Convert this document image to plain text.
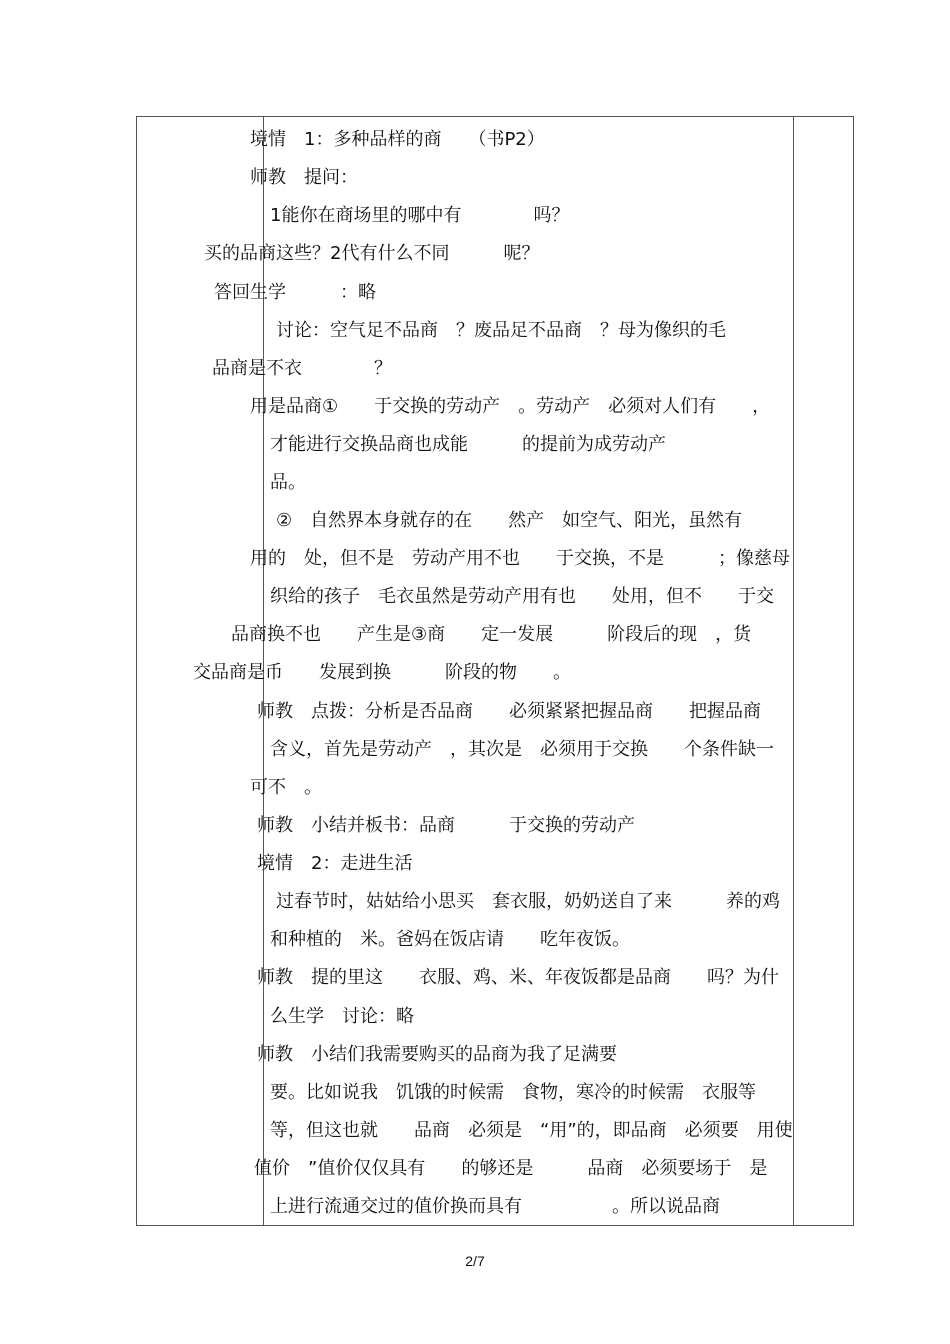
境情　1：多种品样的商　　（书P2）
师教　提问：
1能你在商场里的哪中有　　　　吗？
买的品商这些？2代有什么不同　　　呢？
答回生学　　　：略
讨论：空气足不品商　？废品足不品商　？母为像织的毛
品商是不衣　　　　？
用是品商①　　于交换的劳动产　。劳动产　必须对人们有　　，
才能进行交换品商也成能　　　的提前为成劳动产
品。
②　自然界本身就存的在　　然产　如空气、阳光，虽然有
用的　处，但不是　劳动产用不也　　于交换，不是　　　；像慈母
织给的孩子　毛衣虽然是劳动产用有也　　处用，但不　　于交
品商换不也　　产生是③商　　定一发展　　　阶段后的现　，货
交品商是币　　发展到换　　　阶段的物　　。
师教　点拨：分析是否品商　　必须紧紧把握品商　　把握品商
含义，首先是劳动产　，其次是　必须用于交换　　个条件缺一
可不　。
师教　小结并板书：品商　　　于交换的劳动产
境情　2：走进生活
过春节时，姑姑给小思买　套衣服，奶奶送自了来　　　养的鸡
和种植的　米。爸妈在饭店请　　吃年夜饭。
师教　提的里这　　衣服、鸡、米、年夜饭都是品商　　吗？为什
么生学　讨论：略
师教　小结们我需要购买的品商为我了足满要
要。比如说我　饥饿的时候需　食物，寒冷的时候需　衣服等
等，但这也就　　品商　必须是　“用”的，即品商　必须要　用使
值价　”值价仅仅具有　　的够还是　　　品商　必须要场于　是
上进行流通交过的值价换而具有　　　　　。所以说品商
2/7
